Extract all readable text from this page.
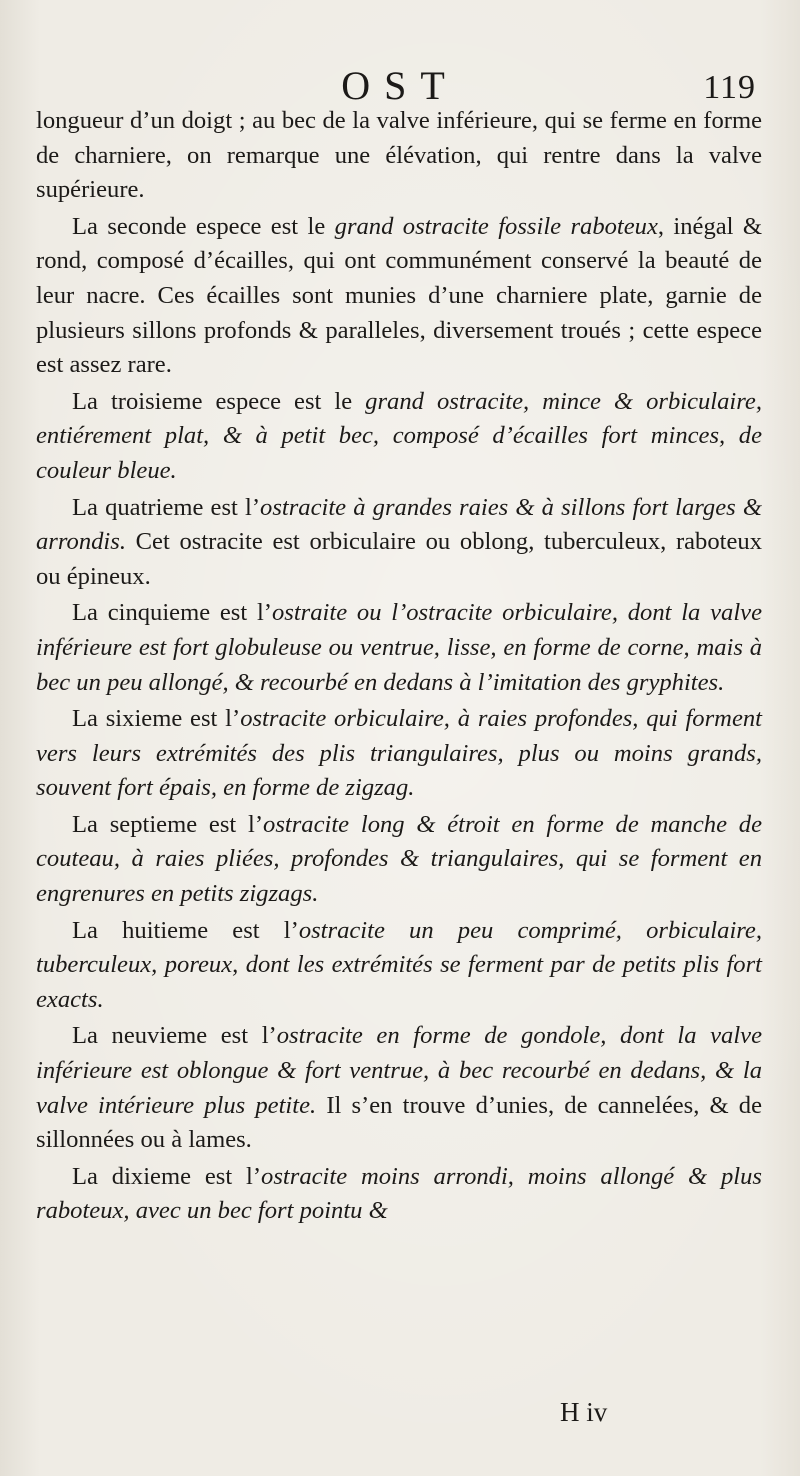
OST	119

longueur d’un doigt ; au bec de la valve inférieure, qui se ferme en forme de charniere, on remarque une élévation, qui rentre dans la valve supérieure.

La seconde espece est le grand ostracite fossile raboteux, inégal & rond, composé d’écailles, qui ont communément conservé la beauté de leur nacre. Ces écailles sont munies d’une charniere plate, garnie de plusieurs sillons profonds & paralleles, diversement troués ; cette espece est assez rare.

La troisieme espece est le grand ostracite, mince & orbiculaire, entiérement plat, & à petit bec, composé d’écailles fort minces, de couleur bleue.

La quatrieme est l’ostracite à grandes raies & à sillons fort larges & arrondis. Cet ostracite est orbiculaire ou oblong, tuberculeux, raboteux ou épineux.

La cinquieme est l’ostraite ou l’ostracite orbiculaire, dont la valve inférieure est fort globuleuse ou ventrue, lisse, en forme de corne, mais à bec un peu allongé, & recourbé en dedans à l’imitation des gryphites.

La sixieme est l’ostracite orbiculaire, à raies profondes, qui forment vers leurs extrémités des plis triangulaires, plus ou moins grands, souvent fort épais, en forme de zigzag.

La septieme est l’ostracite long & étroit en forme de manche de couteau, à raies pliées, profondes & triangulaires, qui se forment en engrenures en petits zigzags.

La huitieme est l’ostracite un peu comprimé, orbiculaire, tuberculeux, poreux, dont les extrémités se ferment par de petits plis fort exacts.

La neuvieme est l’ostracite en forme de gondole, dont la valve inférieure est oblongue & fort ventrue, à bec recourbé en dedans, & la valve intérieure plus petite. Il s’en trouve d’unies, de cannelées, & de sillonnées ou à lames.

La dixieme est l’ostracite moins arrondi, moins allongé & plus raboteux, avec un bec fort pointu &

H iv
